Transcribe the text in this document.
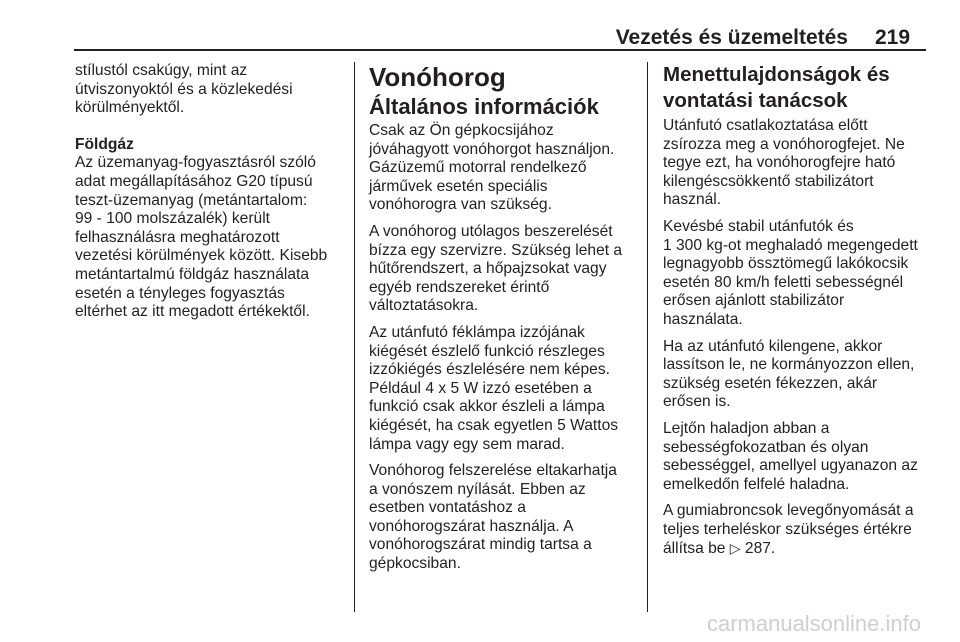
Vezetés és üzemeltetés 219

stílustól csakúgy, mint az
útviszonyoktól és a közlekedési
körülményektől.

Földgáz

Az üzemanyag-fogyasztásról szóló
adat megállapításához G20 típusú
teszt-üzemanyag (metántartalom:
99 - 100 molszázalék) került
felhasználásra meghatározott
vezetési körülmények között. Kisebb
metántartalmú földgáz használata
esetén a tényleges fogyasztás
eltérhet az itt megadott értékektől.

Vonóhorog
Általános információk

Csak az Ön gépkocsijához
jóváhagyott vonóhorgot használjon.
Gázüzemű motorral rendelkező
járművek esetén speciális
vonóhorogra van szükség.

A vonóhorog utólagos beszerelését
bízza egy szervizre. Szükség lehet a
hűtőrendszert, a hőpajzsokat vagy
egyéb rendszereket érintő
változtatásokra.

Az utánfutó féklámpa izzójának
kiégését észlelő funkció részleges
izzókiégés észlelésére nem képes.
Például 4 x 5 W izzó esetében a
funkció csak akkor észleli a lámpa
kiégését, ha csak egyetlen 5 Wattos
lámpa vagy egy sem marad.

Vonóhorog felszerelése eltakarhatja
a vonószem nyílását. Ebben az
esetben vontatáshoz a
vonóhorogszárat használja. A
vonóhorogszárat mindig tartsa a
gépkocsiban.

Menettulajdonságok és
vontatási tanácsok

Utánfutó csatlakoztatása előtt
zsírozza meg a vonóhorogfejet. Ne
tegye ezt, ha vonóhorogfejre ható
kilengéscsökkentő stabilizátort
használ.

Kevésbé stabil utánfutók és
1 300 kg-ot meghaladó megengedett
legnagyobb össztömegű lakókocsik
esetén 80 km/h feletti sebességnél
erősen ajánlott stabilizátor
használata.

Ha az utánfutó kilengene, akkor
lassítson le, ne kormányozzon ellen,
szükség esetén fékezzen, akár
erősen is.

Lejtőn haladjon abban a
sebességfokozatban és olyan
sebességgel, amellyel ugyanazon az
emelkedőn felfelé haladna.

A gumiabroncsok levegőnyomását a
teljes terheléskor szükséges értékre
állítsa be ▷ 287.

carmanualsonline.info
